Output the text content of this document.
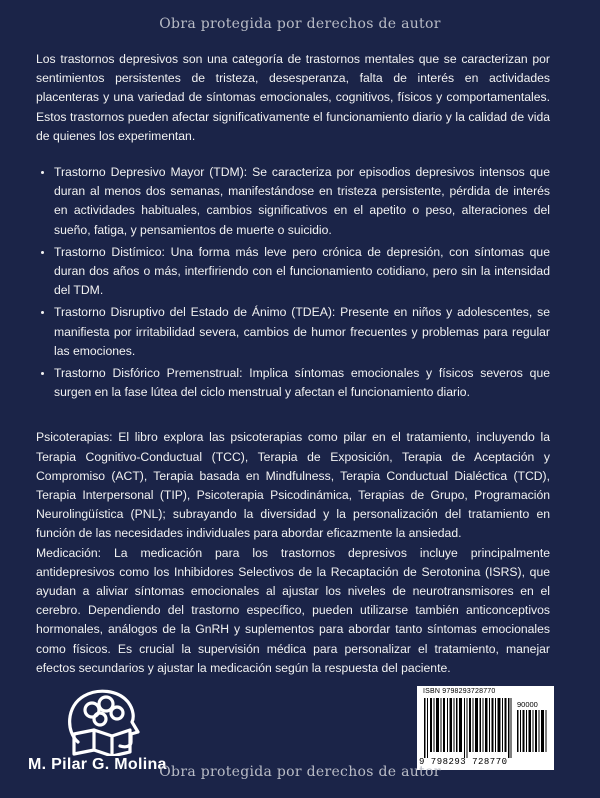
Obra protegida por derechos de autor

Los trastornos depresivos son una categoría de trastornos mentales que se caracterizan por sentimientos persistentes de tristeza, desesperanza, falta de interés en actividades placenteras y una variedad de síntomas emocionales, cognitivos, físicos y comportamentales. Estos trastornos pueden afectar significativamente el funcionamiento diario y la calidad de vida de quienes los experimentan.

• Trastorno Depresivo Mayor (TDM): Se caracteriza por episodios depresivos intensos que duran al menos dos semanas, manifestándose en tristeza persistente, pérdida de interés en actividades habituales, cambios significativos en el apetito o peso, alteraciones del sueño, fatiga, y pensamientos de muerte o suicidio.
• Trastorno Distímico: Una forma más leve pero crónica de depresión, con síntomas que duran dos años o más, interfiriendo con el funcionamiento cotidiano, pero sin la intensidad del TDM.
• Trastorno Disruptivo del Estado de Ánimo (TDEA): Presente en niños y adolescentes, se manifiesta por irritabilidad severa, cambios de humor frecuentes y problemas para regular las emociones.
• Trastorno Disfórico Premenstrual: Implica síntomas emocionales y físicos severos que surgen en la fase lútea del ciclo menstrual y afectan el funcionamiento diario.

Psicoterapias: El libro explora las psicoterapias como pilar en el tratamiento, incluyendo la Terapia Cognitivo-Conductual (TCC), Terapia de Exposición, Terapia de Aceptación y Compromiso (ACT), Terapia basada en Mindfulness, Terapia Conductual Dialéctica (TCD), Terapia Interpersonal (TIP), Psicoterapia Psicodinámica, Terapias de Grupo, Programación Neurolingüística (PNL); subrayando la diversidad y la personalización del tratamiento en función de las necesidades individuales para abordar eficazmente la ansiedad.

Medicación: La medicación para los trastornos depresivos incluye principalmente antidepresivos como los Inhibidores Selectivos de la Recaptación de Serotonina (ISRS), que ayudan a aliviar síntomas emocionales al ajustar los niveles de neurotransmisores en el cerebro. Dependiendo del trastorno específico, pueden utilizarse también anticonceptivos hormonales, análogos de la GnRH y suplementos para abordar tanto síntomas emocionales como físicos. Es crucial la supervisión médica para personalizar el tratamiento, manejar efectos secundarios y ajustar la medicación según la respuesta del paciente.

M. Pilar G. Molina
ISBN 9798293728770
90000
9 798293 728770
Obra protegida por derechos de autor
